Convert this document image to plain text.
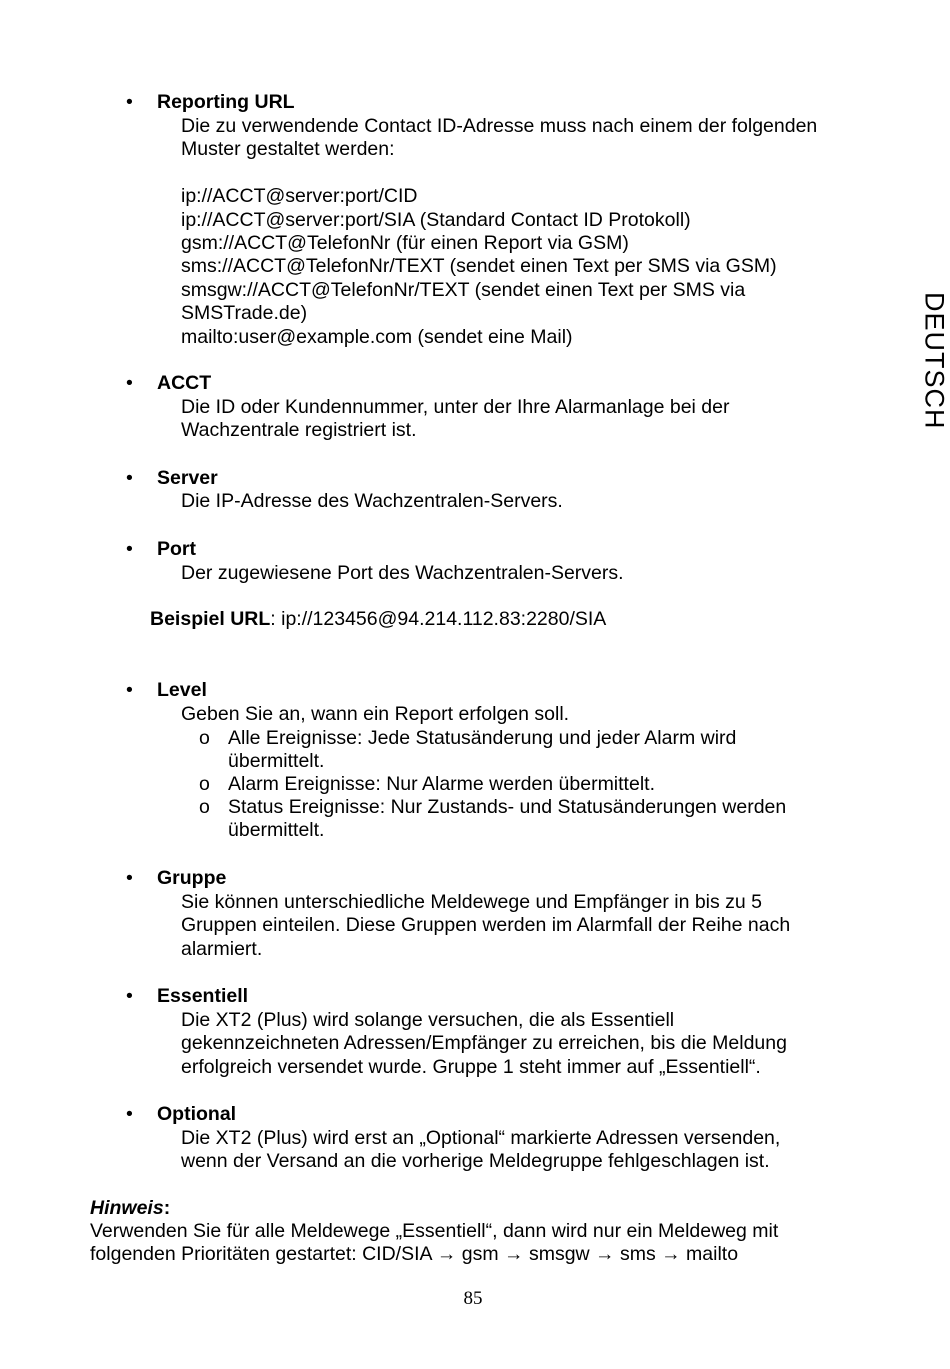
DEUTSCH
• Reporting URL
Die zu verwendende Contact ID-Adresse muss nach einem der folgenden
Muster gestaltet werden:

ip://ACCT@server:port/CID
ip://ACCT@server:port/SIA (Standard Contact ID Protokoll)
gsm://ACCT@TelefonNr (für einen Report via GSM)
sms://ACCT@TelefonNr/TEXT (sendet einen Text per SMS via GSM)
smsgw://ACCT@TelefonNr/TEXT (sendet einen Text per SMS via
SMSTrade.de)
mailto:user@example.com (sendet eine Mail)
• ACCT
Die ID oder Kundennummer, unter der Ihre Alarmanlage bei der
Wachzentrale registriert ist.
• Server
Die IP-Adresse des Wachzentralen-Servers.
• Port
Der zugewiesene Port des Wachzentralen-Servers.
Beispiel URL: ip://123456@94.214.112.83:2280/SIA
• Level
Geben Sie an, wann ein Report erfolgen soll.
o Alle Ereignisse: Jede Statusänderung und jeder Alarm wird
übermittelt.
o Alarm Ereignisse: Nur Alarme werden übermittelt.
o Status Ereignisse: Nur Zustands- und Statusänderungen werden
übermittelt.
• Gruppe
Sie können unterschiedliche Meldewege und Empfänger in bis zu 5
Gruppen einteilen. Diese Gruppen werden im Alarmfall der Reihe nach
alarmiert.
• Essentiell
Die XT2 (Plus) wird solange versuchen, die als Essentiell
gekennzeichneten Adressen/Empfänger zu erreichen, bis die Meldung
erfolgreich versendet wurde. Gruppe 1 steht immer auf „Essentiell“.
• Optional
Die XT2 (Plus) wird erst an „Optional“ markierte Adressen versenden,
wenn der Versand an die vorherige Meldegruppe fehlgeschlagen ist.
Hinweis:
Verwenden Sie für alle Meldewege „Essentiell“, dann wird nur ein Meldeweg mit
folgenden Prioritäten gestartet: CID/SIA → gsm → smsgw → sms → mailto
85
